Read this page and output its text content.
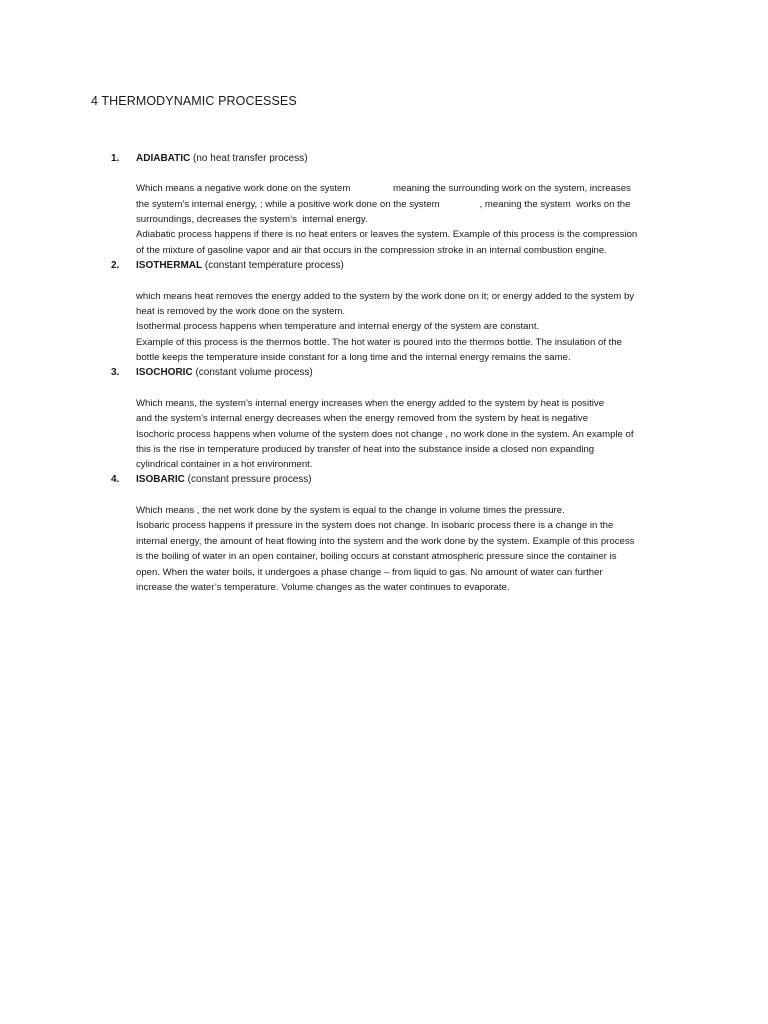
4 THERMODYNAMIC PROCESSES
1. ADIABATIC (no heat transfer process)
Which means a negative work done on the system                meaning the surrounding work on the system, increases
the system’s internal energy, ; while a positive work done on the system               , meaning the system  works on the
surroundings, decreases the system’s  internal energy.
Adiabatic process happens if there is no heat enters or leaves the system. Example of this process is the compression
of the mixture of gasoline vapor and air that occurs in the compression stroke in an internal combustion engine.
2. ISOTHERMAL (constant temperature process)
which means heat removes the energy added to the system by the work done on it; or energy added to the system by
heat is removed by the work done on the system.
Isothermal process happens when temperature and internal energy of the system are constant.
Example of this process is the thermos bottle. The hot water is poured into the thermos bottle. The insulation of the
bottle keeps the temperature inside constant for a long time and the internal energy remains the same.
3. ISOCHORIC (constant volume process)
Which means, the system’s internal energy increases when the energy added to the system by heat is positive
and the system’s internal energy decreases when the energy removed from the system by heat is negative
Isochoric process happens when volume of the system does not change , no work done in the system. An example of
this is the rise in temperature produced by transfer of heat into the substance inside a closed non expanding
cylindrical container in a hot environment.
4. ISOBARIC (constant pressure process)
Which means , the net work done by the system is equal to the change in volume times the pressure.
Isobaric process happens if pressure in the system does not change. In isobaric process there is a change in the
internal energy, the amount of heat flowing into the system and the work done by the system. Example of this process
is the boiling of water in an open container, boiling occurs at constant atmospheric pressure since the container is
open. When the water boils, it undergoes a phase change – from liquid to gas. No amount of water can further
increase the water’s temperature. Volume changes as the water continues to evaporate.
